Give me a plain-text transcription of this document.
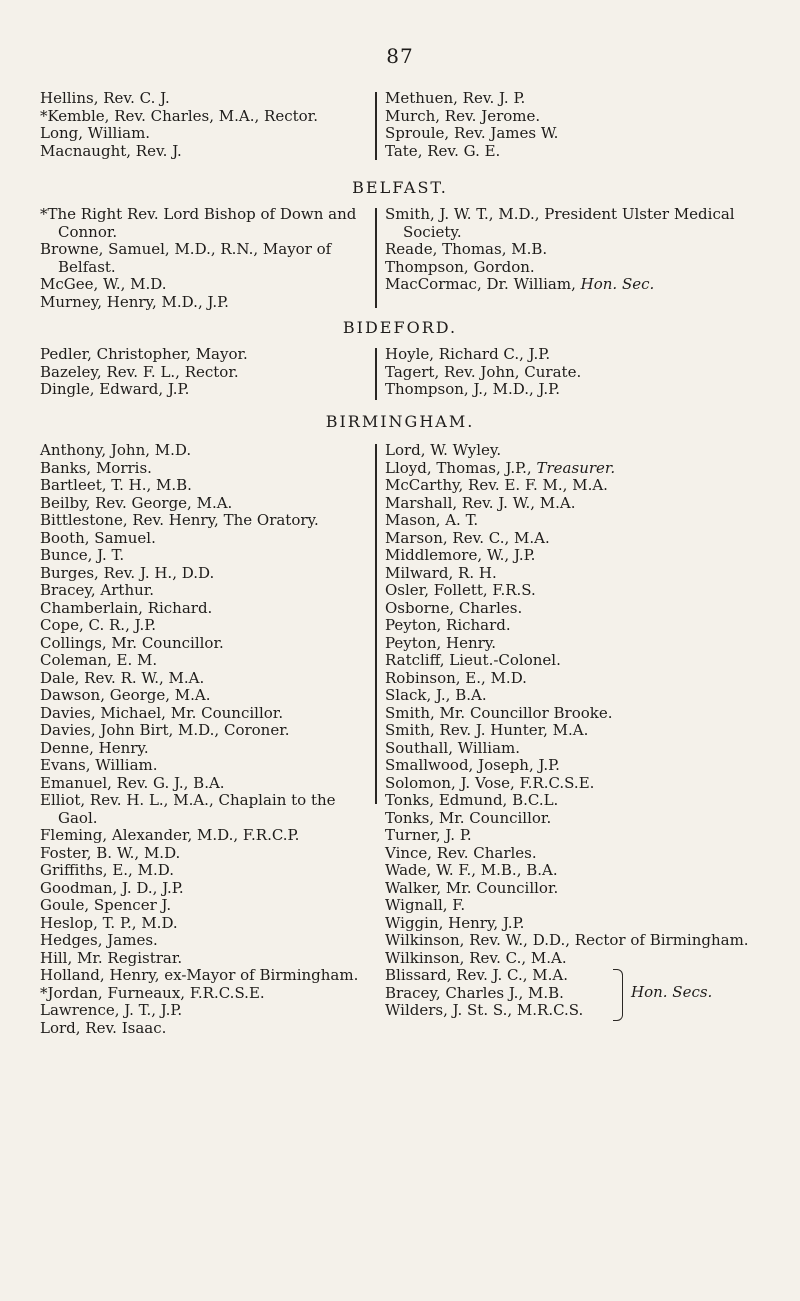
87
Hellins, Rev. C. J.
*Kemble, Rev. Charles, M.A., Rector.
Long, William.
Macnaught, Rev. J.
Methuen, Rev. J. P.
Murch, Rev. Jerome.
Sproule, Rev. James W.
Tate, Rev. G. E.
BELFAST.
*The Right Rev. Lord Bishop of Down and Connor.
Browne, Samuel, M.D., R.N., Mayor of Belfast.
McGee, W., M.D.
Murney, Henry, M.D., J.P.
Smith, J. W. T., M.D., President Ulster Medical Society.
Reade, Thomas, M.B.
Thompson, Gordon.
MacCormac, Dr. William, Hon. Sec.
BIDEFORD.
Pedler, Christopher, Mayor.
Bazeley, Rev. F. L., Rector.
Dingle, Edward, J.P.
Hoyle, Richard C., J.P.
Tagert, Rev. John, Curate.
Thompson, J., M.D., J.P.
BIRMINGHAM.
Anthony, John, M.D.
Banks, Morris.
Bartleet, T. H., M.B.
Beilby, Rev. George, M.A.
Bittlestone, Rev. Henry, The Oratory.
Booth, Samuel.
Bunce, J. T.
Burges, Rev. J. H., D.D.
Bracey, Arthur.
Chamberlain, Richard.
Cope, C. R., J.P.
Collings, Mr. Councillor.
Coleman, E. M.
Dale, Rev. R. W., M.A.
Dawson, George, M.A.
Davies, Michael, Mr. Councillor.
Davies, John Birt, M.D., Coroner.
Denne, Henry.
Evans, William.
Emanuel, Rev. G. J., B.A.
Elliot, Rev. H. L., M.A., Chaplain to the Gaol.
Fleming, Alexander, M.D., F.R.C.P.
Foster, B. W., M.D.
Griffiths, E., M.D.
Goodman, J. D., J.P.
Goule, Spencer J.
Heslop, T. P., M.D.
Hedges, James.
Hill, Mr. Registrar.
Holland, Henry, ex-Mayor of Birmingham.
*Jordan, Furneaux, F.R.C.S.E.
Lawrence, J. T., J.P.
Lord, Rev. Isaac.
Lord, W. Wyley.
Lloyd, Thomas, J.P., Treasurer.
McCarthy, Rev. E. F. M., M.A.
Marshall, Rev. J. W., M.A.
Mason, A. T.
Marson, Rev. C., M.A.
Middlemore, W., J.P.
Milward, R. H.
Osler, Follett, F.R.S.
Osborne, Charles.
Peyton, Richard.
Peyton, Henry.
Ratcliff, Lieut.-Colonel.
Robinson, E., M.D.
Slack, J., B.A.
Smith, Mr. Councillor Brooke.
Smith, Rev. J. Hunter, M.A.
Southall, William.
Smallwood, Joseph, J.P.
Solomon, J. Vose, F.R.C.S.E.
Tonks, Edmund, B.C.L.
Tonks, Mr. Councillor.
Turner, J. P.
Vince, Rev. Charles.
Wade, W. F., M.B., B.A.
Walker, Mr. Councillor.
Wignall, F.
Wiggin, Henry, J.P.
Wilkinson, Rev. W., D.D., Rector of Birmingham.
Wilkinson, Rev. C., M.A.
Blissard, Rev. J. C., M.A.
Bracey, Charles J., M.B.
Wilders, J. St. S., M.R.C.S.
Hon. Secs.
